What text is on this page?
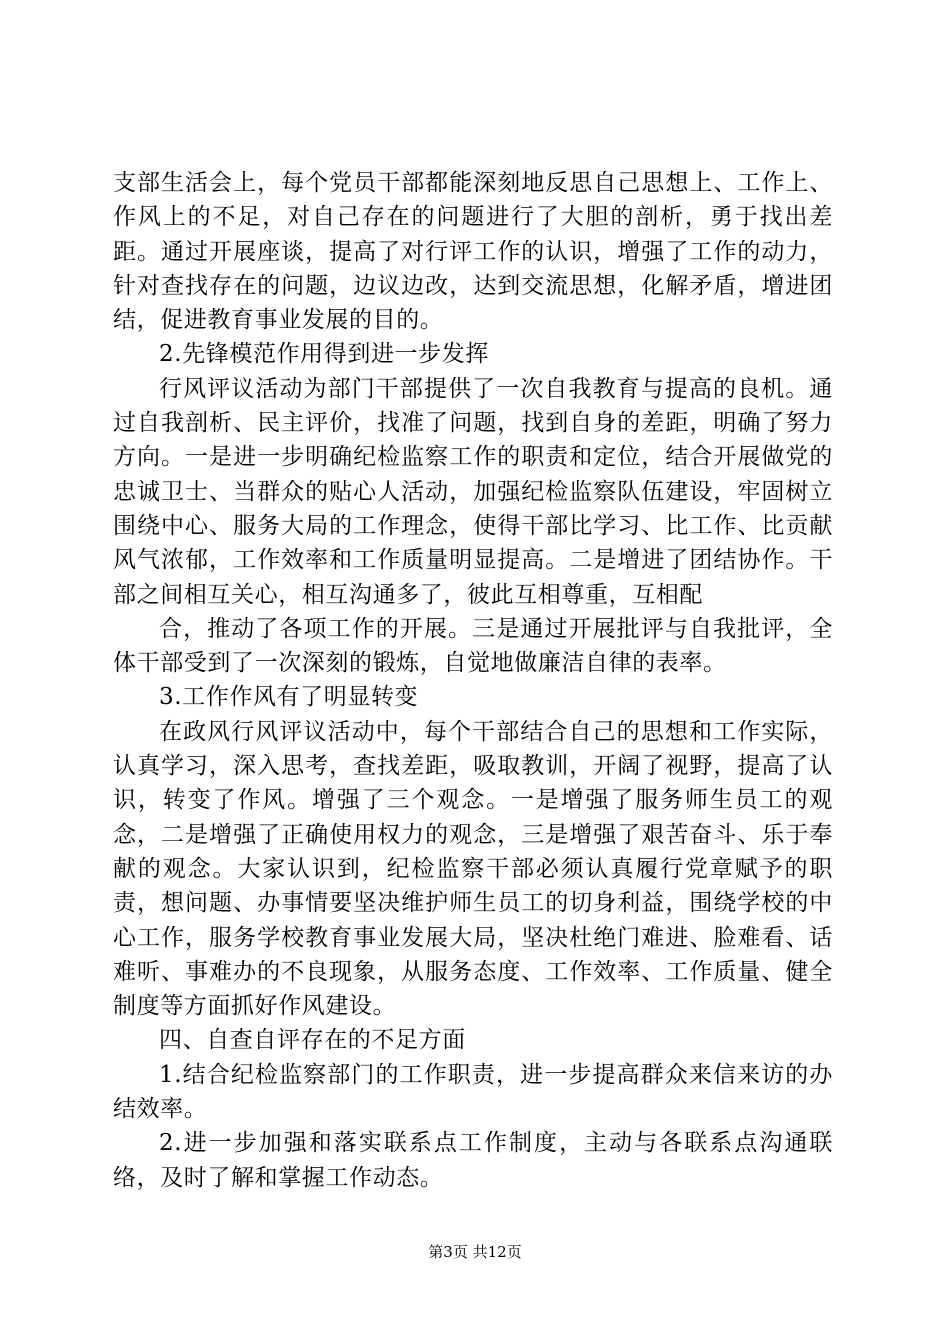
支部生活会上，每个党员干部都能深刻地反思自己思想上、工作上、作风上的不足，对自己存在的问题进行了大胆的剖析，勇于找出差距。通过开展座谈，提高了对行评工作的认识，增强了工作的动力，针对查找存在的问题，边议边改，达到交流思想，化解矛盾，增进团结，促进教育事业发展的目的。

2.先锋模范作用得到进一步发挥

行风评议活动为部门干部提供了一次自我教育与提高的良机。通过自我剖析、民主评价，找准了问题，找到自身的差距，明确了努力方向。一是进一步明确纪检监察工作的职责和定位，结合开展做党的忠诚卫士、当群众的贴心人活动，加强纪检监察队伍建设，牢固树立围绕中心、服务大局的工作理念，使得干部比学习、比工作、比贡献风气浓郁，工作效率和工作质量明显提高。二是增进了团结协作。干部之间相互关心，相互沟通多了，彼此互相尊重，互相配

合，推动了各项工作的开展。三是通过开展批评与自我批评，全体干部受到了一次深刻的锻炼，自觉地做廉洁自律的表率。

3.工作作风有了明显转变

在政风行风评议活动中，每个干部结合自己的思想和工作实际，认真学习，深入思考，查找差距，吸取教训，开阔了视野，提高了认识，转变了作风。增强了三个观念。一是增强了服务师生员工的观念，二是增强了正确使用权力的观念，三是增强了艰苦奋斗、乐于奉献的观念。大家认识到，纪检监察干部必须认真履行党章赋予的职责，想问题、办事情要坚决维护师生员工的切身利益，围绕学校的中心工作，服务学校教育事业发展大局，坚决杜绝门难进、脸难看、话难听、事难办的不良现象，从服务态度、工作效率、工作质量、健全制度等方面抓好作风建设。

四、自查自评存在的不足方面

1.结合纪检监察部门的工作职责，进一步提高群众来信来访的办结效率。

2.进一步加强和落实联系点工作制度，主动与各联系点沟通联络，及时了解和掌握工作动态。

第3页 共12页
